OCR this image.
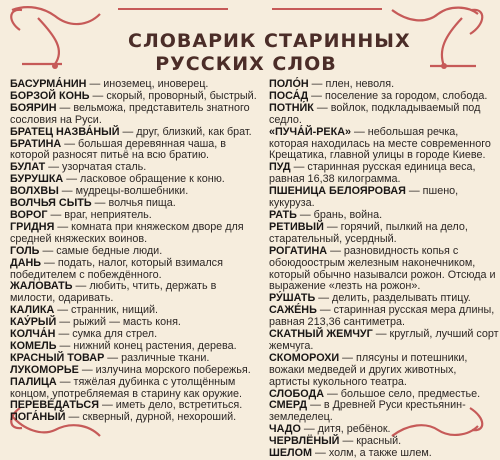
СЛОВАРИК СТАРИННЫХ
РУССКИХ СЛОВ

БАСУРМА́НИН — иноземец, иноверец.

БОРЗОЙ КОНЬ — скорый, проворный, быстрый.

БОЯРИН — вельможа, представитель знатного сословия на Руси.

БРАТЕЦ НАЗВА́НЫЙ — друг, близкий, как брат.

БРАТИНА — большая деревянная чаша, в которой разносят питьё на всю братию.

БУЛАТ — узорчатая сталь.

БУРУШКА — ласковое обращение к коню.

ВОЛХВЫ — мудрецы-волшебники.

ВОЛЧЬЯ СЫТЬ — волчья пища.

ВОРОГ — враг, неприятель.

ГРИДНЯ — комната при княжеском дворе для средней княжеских воинов.

ГОЛЬ — самые бедные люди.

ДАНЬ — подать, налог, который взимался победителем с побеждённого.

ЖАЛОВАТЬ — любить, чтить, держать в милости, одаривать.

КАЛИКА — странник, нищий.

КАУ́РЫЙ — рыжий — масть коня.

КОЛЧА́Н — сумка для стрел.

КОМЕЛЬ — нижний конец растения, дерева.

КРАСНЫЙ ТОВАР — различные ткани.

ЛУКОМОРЬЕ — излучина морского побережья.

ПАЛИЦА — тяжёлая дубинка с утолщённым концом, употребляемая в старину как оружие.

ПЕРЕВЕ́ДАТЬСЯ — иметь дело, встретиться.

ПОГА́НЫЙ — скверный, дурной, нехороший.

ПОЛО́Н — плен, неволя.

ПОСА́Д — поселение за городом, слобода.

ПОТНИ́К — войлок, подкладываемый под седло.

«ПУЧА́Й-РЕКА» — небольшая речка, которая находилась на месте современного Крещатика, главной улицы в городе Киеве.

ПУД — старинная русская единица веса, равная 16,38 килограмма.

ПШЕНИЦА БЕЛОЯРОВАЯ — пшено, кукуруза.

РАТЬ — брань, война.

РЕТИВЫЙ — горячий, пылкий на дело, старательный, усердный.

РОГАТИНА — разновидность копья с обоюдоострым железным наконечником, который обычно называлси рожон. Отсюда и выражение «лезть на рожон».

РУ́ШАТЬ — делить, разделывать птицу.

САЖЕ́НЬ — старинная русская мера длины, равная 213,36 сантиметра.

СКАТНЫЙ ЖЕМЧУГ — круглый, лучший сорт жемчуга.

СКОМОРОХИ — плясуны и потешники, вожаки медведей и других животных, артисты кукольного театра.

СЛОБОДА — большое село, предместье.

СМЕРД — в Древней Руси крестьянин-земледелец.

ЧАДО — дитя, ребёнок.

ЧЕРВЛЁНЫЙ — красный.

ШЕЛОМ — холм, а также шлем.
